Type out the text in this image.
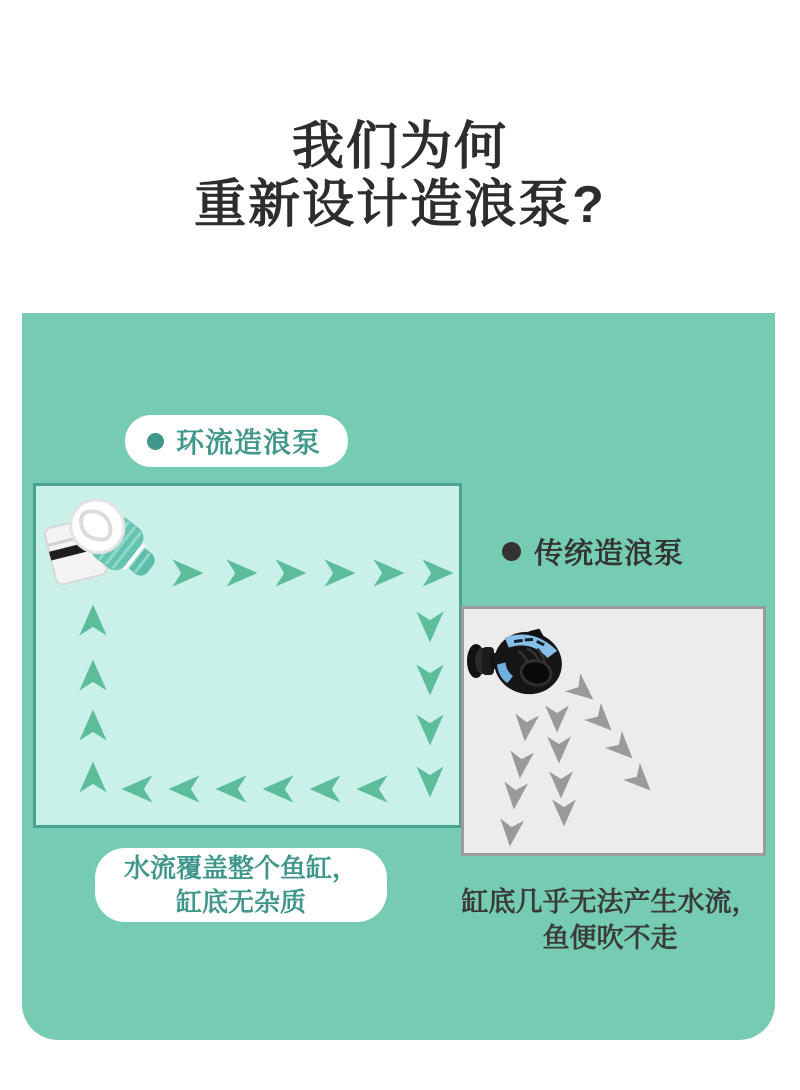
我们为何
重新设计造浪泵?
环流造浪泵
水流覆盖整个鱼缸，
缸底无杂质
传统造浪泵
缸底几乎无法产生水流，
鱼便吹不走
